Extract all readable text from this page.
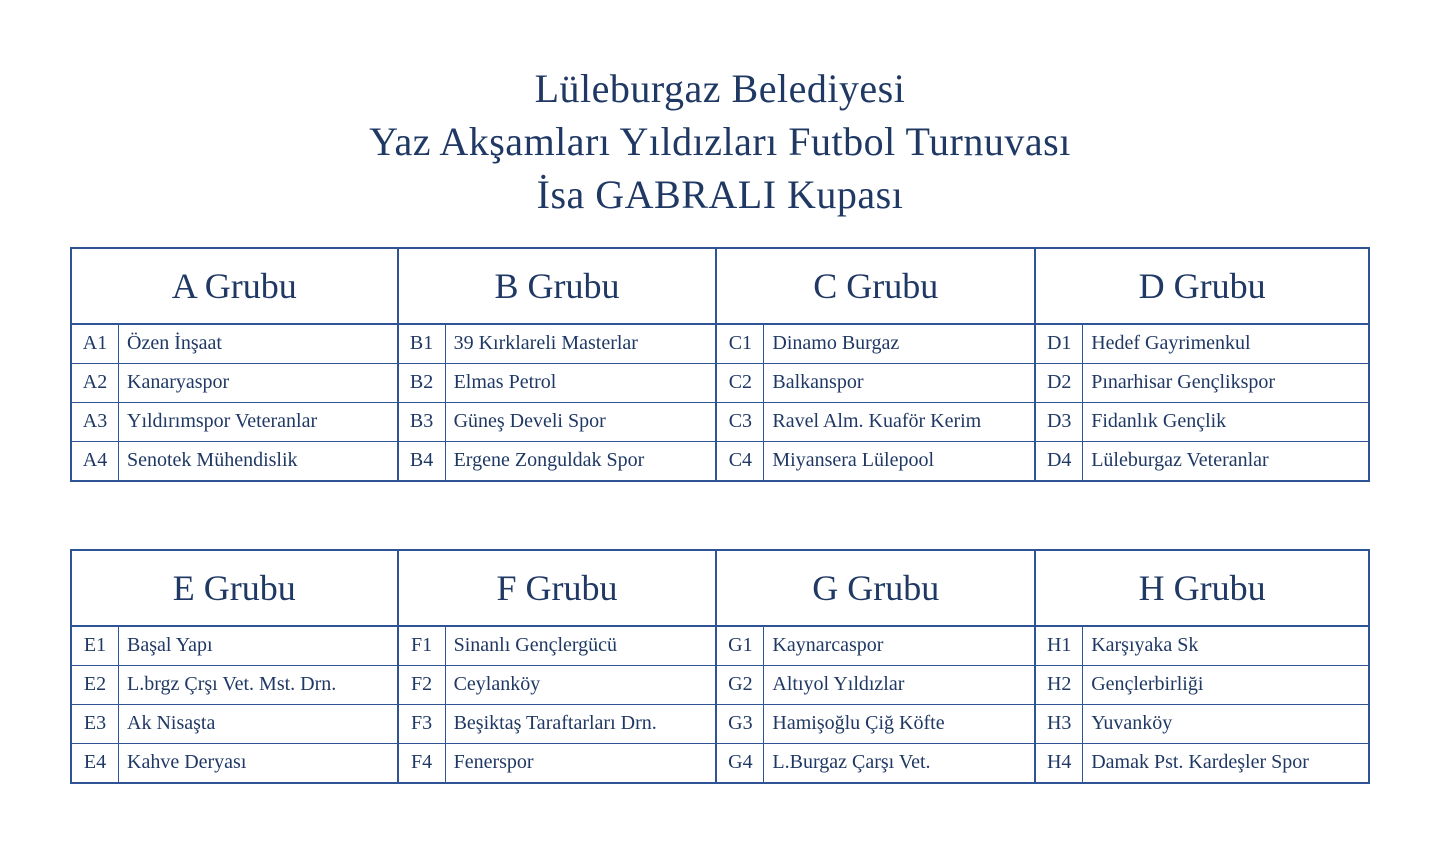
Lüleburgaz Belediyesi
Yaz Akşamları Yıldızları Futbol Turnuvası
İsa GABRALI Kupası
A Grubu
A1 Özen İnşaat
A2 Kanaryaspor
A3 Yıldırımspor Veteranlar
A4 Senotek Mühendislik
B Grubu
B1	39 Kırklareli Masterlar
B2	Elmas Petrol
B3	Güneş Develi Spor
B4	Ergene Zonguldak Spor
C Grubu
C1	Dinamo Burgaz
C2	Balkanspor
C3	Ravel Alm. Kuaför Kerim
C4	Miyansera Lülepool
D Grubu
D1 Hedef Gayrimenkul
D2 Pınarhisar Gençlikspor
D3 Fidanlık Gençlik
D4 Lüleburgaz Veteranlar
E Grubu
E1	Başal Yapı
E2	L.brgz Çrşı Vet. Mst. Drn.
E3	Ak Nisaşta
E4	Kahve Deryası
F Grubu
F1	Sinanlı Gençlergücü
F2	Ceylanköy
F3	Beşiktaş Taraftarları Drn.
F4	Fenerspor
G Grubu
G1 Kaynarcaspor
G2 Altıyol Yıldızlar
G3 Hamişoğlu Çiğ Köfte
G4 L.Burgaz Çarşı Vet.
H Grubu
H1 Karşıyaka Sk
H2 Gençlerbirliği
H3 Yuvanköy
H4 Damak Pst. Kardeşler Spor
